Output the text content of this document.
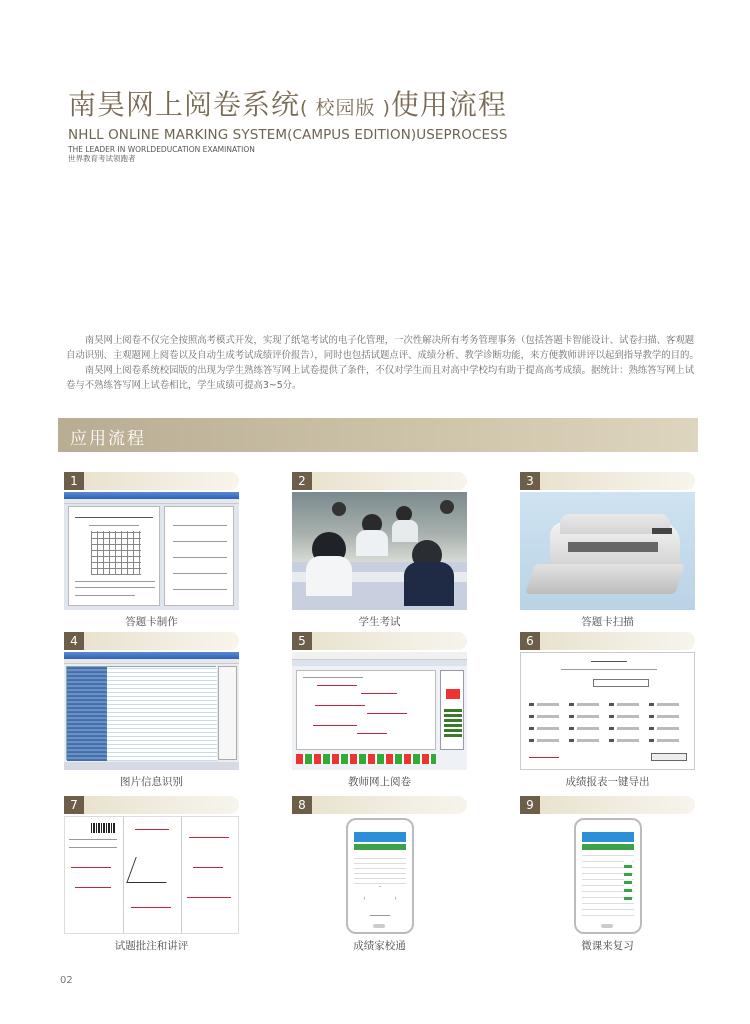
南昊网上阅卷系统( 校园版 )使用流程
NHLL ONLINE MARKING SYSTEM(CAMPUS EDITION)USEPROCESS
THE LEADER IN WORLDEDUCATION EXAMINATION
世界教育考试领跑者

南昊网上阅卷不仅完全按照高考模式开发，实现了纸笔考试的电子化管理，一次性解决所有考务管理事务（包括答题卡智能设计、试卷扫描、客观题自动识别、主观题网上阅卷以及自动生成考试成绩评价报告），同时也包括试题点评、成绩分析、教学诊断功能，来方便教师讲评以起到指导教学的目的。

南昊网上阅卷系统校园版的出现为学生熟练答写网上试卷提供了条件，不仅对学生而且对高中学校均有助于提高高考成绩。据统计：熟练答写网上试卷与不熟练答写网上试卷相比，学生成绩可提高3~5分。

应用流程
1
答题卡制作
2
学生考试
3
答题卡扫描
4
图片信息识别
5
教师网上阅卷
6
成绩报表一键导出
7
试题批注和讲评
8
成绩家校通
9
微课来复习
02
